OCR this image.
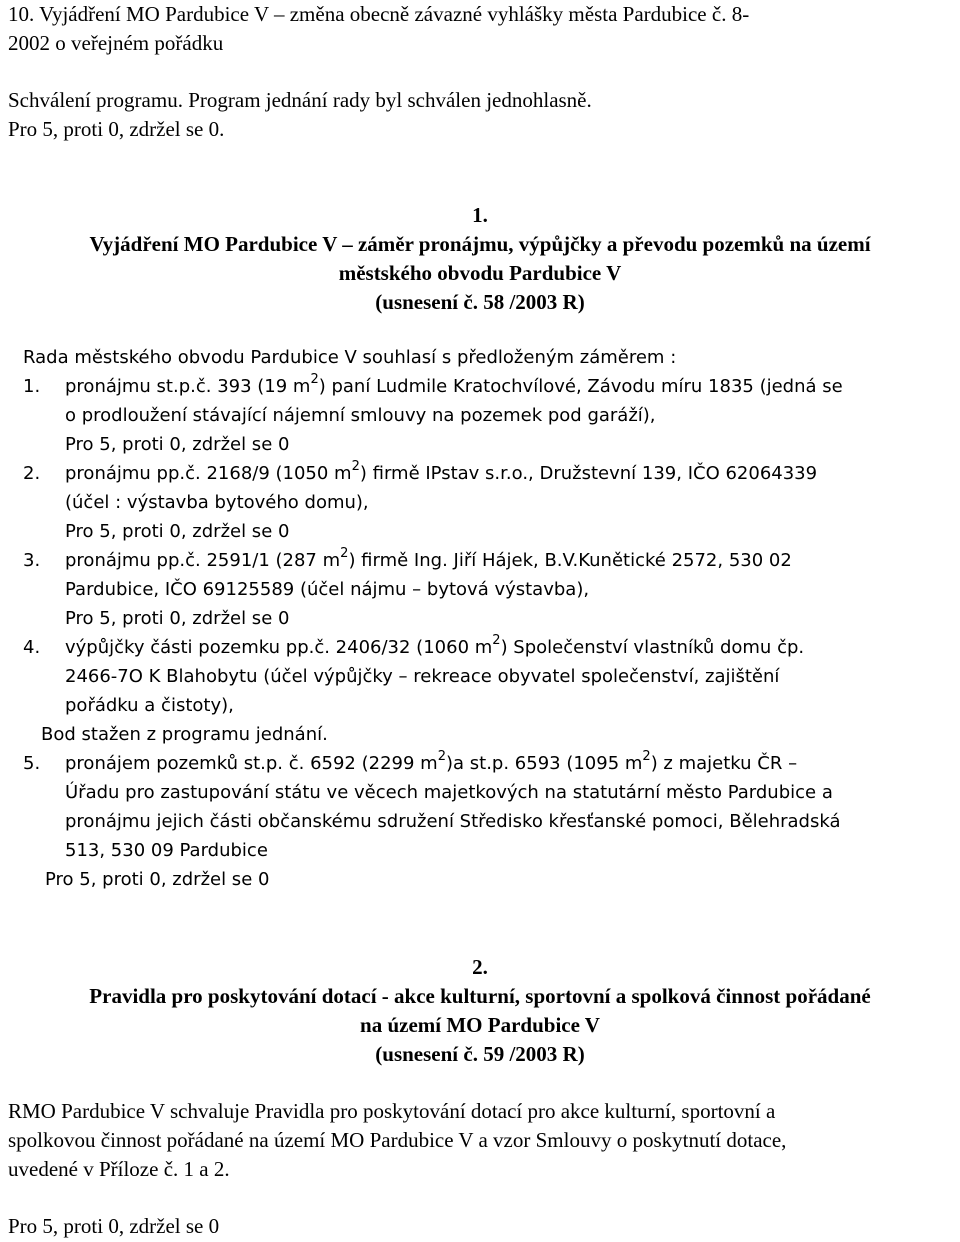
10. Vyjádření MO Pardubice V – změna obecně závazné vyhlášky města Pardubice č. 8-
2002 o veřejném pořádku
Schválení programu. Program jednání rady byl schválen jednohlasně.
Pro 5, proti 0, zdržel se 0.
1.
Vyjádření MO Pardubice V – záměr pronájmu, výpůjčky a převodu pozemků na území
městského obvodu Pardubice V
(usnesení č. 58 /2003 R)
Rada městského obvodu Pardubice V souhlasí s předloženým záměrem :
1. pronájmu st.p.č. 393 (19 $m^2$) paní Ludmile Kratochvílové, Závodu míru 1835 (jedná se
o prodloužení stávající nájemní smlouvy na pozemek pod garáží),
Pro 5, proti 0, zdržel se 0
2. pronájmu pp.č. 2168/9 (1050 $m^2$) firmě IPstav s.r.o., Družstevní 139, IČO 62064339
(účel : výstavba bytového domu),
Pro 5, proti 0, zdržel se 0
3. pronájmu pp.č. 2591/1 (287 $m^2$) firmě Ing. Jiří Hájek, B.V.Kunětické 2572, 530 02
Pardubice, IČO 69125589 (účel nájmu – bytová výstavba),
Pro 5, proti 0, zdržel se 0
4. výpůjčky části pozemku pp.č. 2406/32 (1060 $m^2$) Společenství vlastníků domu čp.
2466-7O K Blahobytu (účel výpůjčky – rekreace obyvatel společenství, zajištění
pořádku a čistoty),
Bod stažen z programu jednání.
5. pronájem pozemků st.p. č. 6592 (2299 $m^2)a$ st.p. 6593 (1095 $m^2$) z majetku ČR –
Úřadu pro zastupování státu ve věcech majetkových na statutární město Pardubice a
pronájmu jejich části občanskému sdružení Středisko křesťanské pomoci, Bělehradská
513, 530 09 Pardubice
Pro 5, proti 0, zdržel se 0
2.
Pravidla pro poskytování dotací - akce kulturní, sportovní a spolková činnost pořádané
na území MO Pardubice V
(usnesení č. 59 /2003 R)
RMO Pardubice V schvaluje Pravidla pro poskytování dotací pro akce kulturní, sportovní a
spolkovou činnost pořádané na území MO Pardubice V a vzor Smlouvy o poskytnutí dotace,
uvedené v Příloze č. 1 a 2.
Pro 5, proti 0, zdržel se 0
